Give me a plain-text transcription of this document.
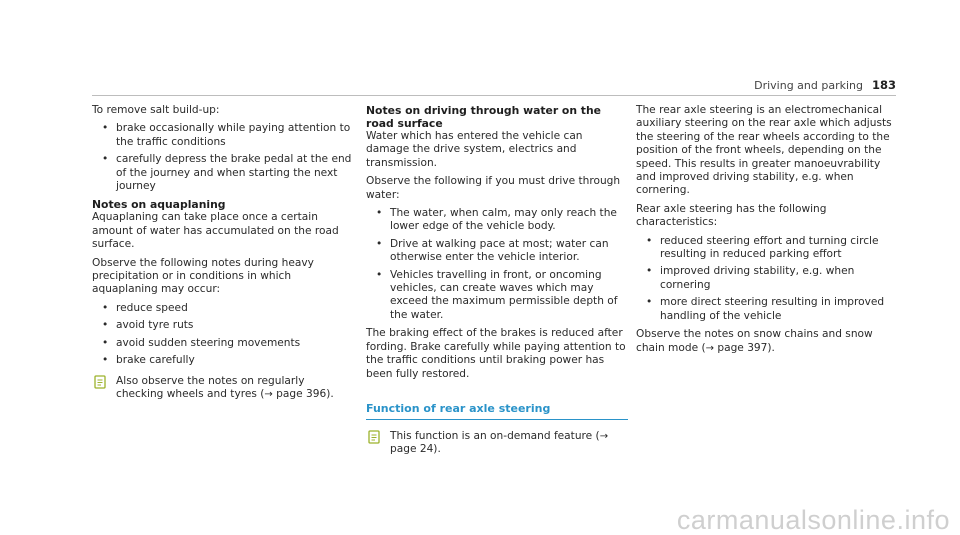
Driving and parking 183

To remove salt build-up:

• brake occasionally while paying attention to the traffic conditions
• carefully depress the brake pedal at the end of the journey and when starting the next journey
Notes on aquaplaning

Aquaplaning can take place once a certain amount of water has accumulated on the road surface.

Observe the following notes during heavy precipitation or in conditions in which aquaplaning may occur:

• reduce speed
• avoid tyre ruts
• avoid sudden steering movements
• brake carefully
Also observe the notes on regularly checking wheels and tyres (→ page 396).
Notes on driving through water on the road surface

Water which has entered the vehicle can damage the drive system, electrics and transmission.

Observe the following if you must drive through water:

• The water, when calm, may only reach the lower edge of the vehicle body.
• Drive at walking pace at most; water can otherwise enter the vehicle interior.
• Vehicles travelling in front, or oncoming vehicles, can create waves which may exceed the maximum permissible depth of the water.

The braking effect of the brakes is reduced after fording. Brake carefully while paying attention to the traffic conditions until braking power has been fully restored.

Function of rear axle steering
This function is an on-demand feature (→ page 24).

The rear axle steering is an electromechanical auxiliary steering on the rear axle which adjusts the steering of the rear wheels according to the position of the front wheels, depending on the speed. This results in greater manoeuvrability and improved driving stability, e.g. when cornering.

Rear axle steering has the following characteristics:

• reduced steering effort and turning circle resulting in reduced parking effort
• improved driving stability, e.g. when cornering
• more direct steering resulting in improved handling of the vehicle

Observe the notes on snow chains and snow chain mode (→ page 397).

carmanualsonline.info
